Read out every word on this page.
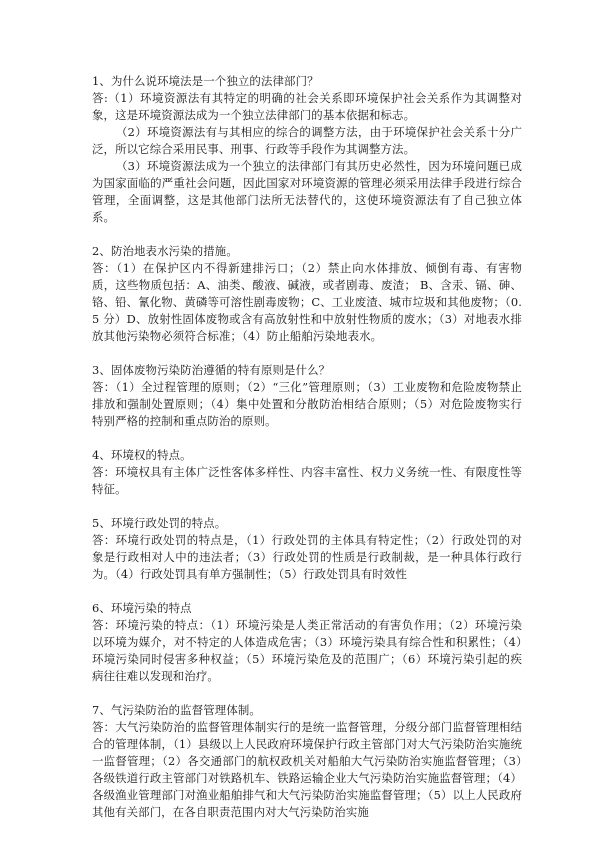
1、为什么说环境法是一个独立的法律部门？

答:（1）环境资源法有其特定的明确的社会关系即环境保护社会关系作为其调整对象，这是环境资源法成为一个独立法律部门的基本依据和标志。

（2）环境资源法有与其相应的综合的调整方法，由于环境保护社会关系十分广泛，所以它综合采用民事、刑事、行政等手段作为其调整方法。

（3）环境资源法成为一个独立的法律部门有其历史必然性，因为环境问题已成为国家面临的严重社会问题，因此国家对环境资源的管理必须采用法律手段进行综合管理，全面调整，这是其他部门法所无法替代的，这使环境资源法有了自己独立体系。

2、防治地表水污染的措施。

答：（1）在保护区内不得新建排污口；（2）禁止向水体排放、倾倒有毒、有害物质，这些物质包括：A、油类、酸液、碱液，或者剧毒、废渣； B、含汞、镉、砷、铬、铅、氰化物、黄磷等可溶性剧毒废物；C、工业废渣、城市垃圾和其他废物；（0.5 分）D、放射性固体废物或含有高放射性和中放射性物质的废水；（3）对地表水排放其他污染物必须符合标准；（4）防止船舶污染地表水。

3、固体废物污染防治遵循的特有原则是什么？

答：（1）全过程管理的原则；（2）“三化”管理原则；（3）工业废物和危险废物禁止排放和强制处置原则；（4）集中处置和分散防治相结合原则；（5）对危险废物实行特别严格的控制和重点防治的原则。

4、环境权的特点。

答：环境权具有主体广泛性客体多样性、内容丰富性、权力义务统一性、有限度性等特征。

5、环境行政处罚的特点。

答：环境行政处罚的特点是，（1）行政处罚的主体具有特定性；（2）行政处罚的对象是行政相对人中的违法者；（3）行政处罚的性质是行政制裁，是一种具体行政行为。（4）行政处罚具有单方强制性；（5）行政处罚具有时效性

6、环境污染的特点

答：环境污染的特点：（1）环境污染是人类正常活动的有害负作用；（2）环境污染以环境为媒介，对不特定的人体造成危害；（3）环境污染具有综合性和积累性；（4）环境污染同时侵害多种权益；（5）环境污染危及的范围广；（6）环境污染引起的疾病往往难以发现和治疗。

7、气污染防治的监督管理体制。

答：大气污染防治的监督管理体制实行的是统一监督管理，分级分部门监督管理相结合的管理体制，（1）县级以上人民政府环境保护行政主管部门对大气污染防治实施统一监督管理；（2）各交通部门的航权政机关对船舶大气污染防治实施监督管理；（3）各级铁道行政主管部门对铁路机车、铁路运输企业大气污染防治实施监督管理；（4）各级渔业管理部门对渔业船舶排气和大气污染防治实施监督管理；（5）以上人民政府其他有关部门，在各自职责范围内对大气污染防治实施
